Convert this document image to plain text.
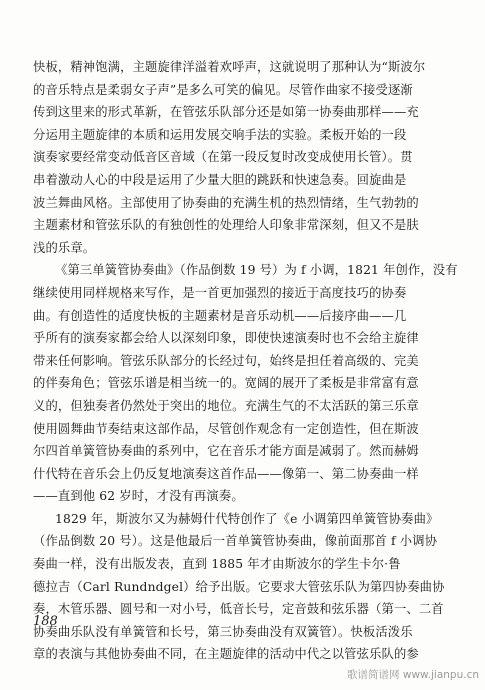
快板，精神饱满，主题旋律洋溢着欢呼声，这就说明了那种认为“斯波尔
的音乐特点是柔弱女子声”是多么可笑的偏见。尽管作曲家不接受逐渐
传到这里来的形式革新，在管弦乐队部分还是如第一协奏曲那样——充
分运用主题旋律的本质和运用发展交响手法的实验。柔板开始的一段
演奏家要经常变动低音区音域（在第一段反复时改变成使用长管）。贯
串着激动人心的中段是运用了少量大胆的跳跃和快速急奏。回旋曲是
波兰舞曲风格。主部使用了协奏曲的充满生机的热烈情绪，生气勃勃的
主题素材和管弦乐队的有独创性的处理给人印象非常深刻，但又不是肤
浅的乐章。
《第三单簧管协奏曲》（作品倒数 19 号）为 f 小调，1821 年创作，没有
继续使用同样规格来写作，是一首更加强烈的接近于高度技巧的协奏
曲。有创造性的适度快板的主题素材是音乐动机——后接序曲——几
乎所有的演奏家都会给人以深刻印象，即使快速演奏时也不会给主旋律
带来任何影响。管弦乐队部分的长经过句，始终是担任着高级的、完美
的伴奏角色；管弦乐谱是相当统一的。宽阔的展开了柔板是非常富有意
义的，但独奏者仍然处于突出的地位。充满生气的不太活跃的第三乐章
使用圆舞曲节奏结束这部作品，尽管创作观念有一定创造性，但在斯波
尔四首单簧管协奏曲的系列中，它在音乐才能方面是减弱了。然而赫姆
什代特在音乐会上仍反复地演奏这首作品——像第一、第二协奏曲一样
——直到他 62 岁时，才没有再演奏。
1829 年，斯波尔又为赫姆什代特创作了《e 小调第四单簧管协奏曲》
（作品倒数 20 号）。这是他最后一首单簧管协奏曲，像前面那首 f 小调协
奏曲一样，没有出版发表，直到 1885 年才由斯波尔的学生卡尔·鲁
德拉吉（Carl Rundndgel）给予出版。它要求大管弦乐队为第四协奏曲协
奏，木管乐器、圆号和一对小号，低音长号，定音鼓和弦乐器（第一、二首
协奏曲乐队没有单簧管和长号，第三协奏曲没有双簧管）。快板活泼乐
章的表演与其他协奏曲不同，在主题旋律的活动中代之以管弦乐队的参
188
歌谱简谱网 www.jianpu.cn
